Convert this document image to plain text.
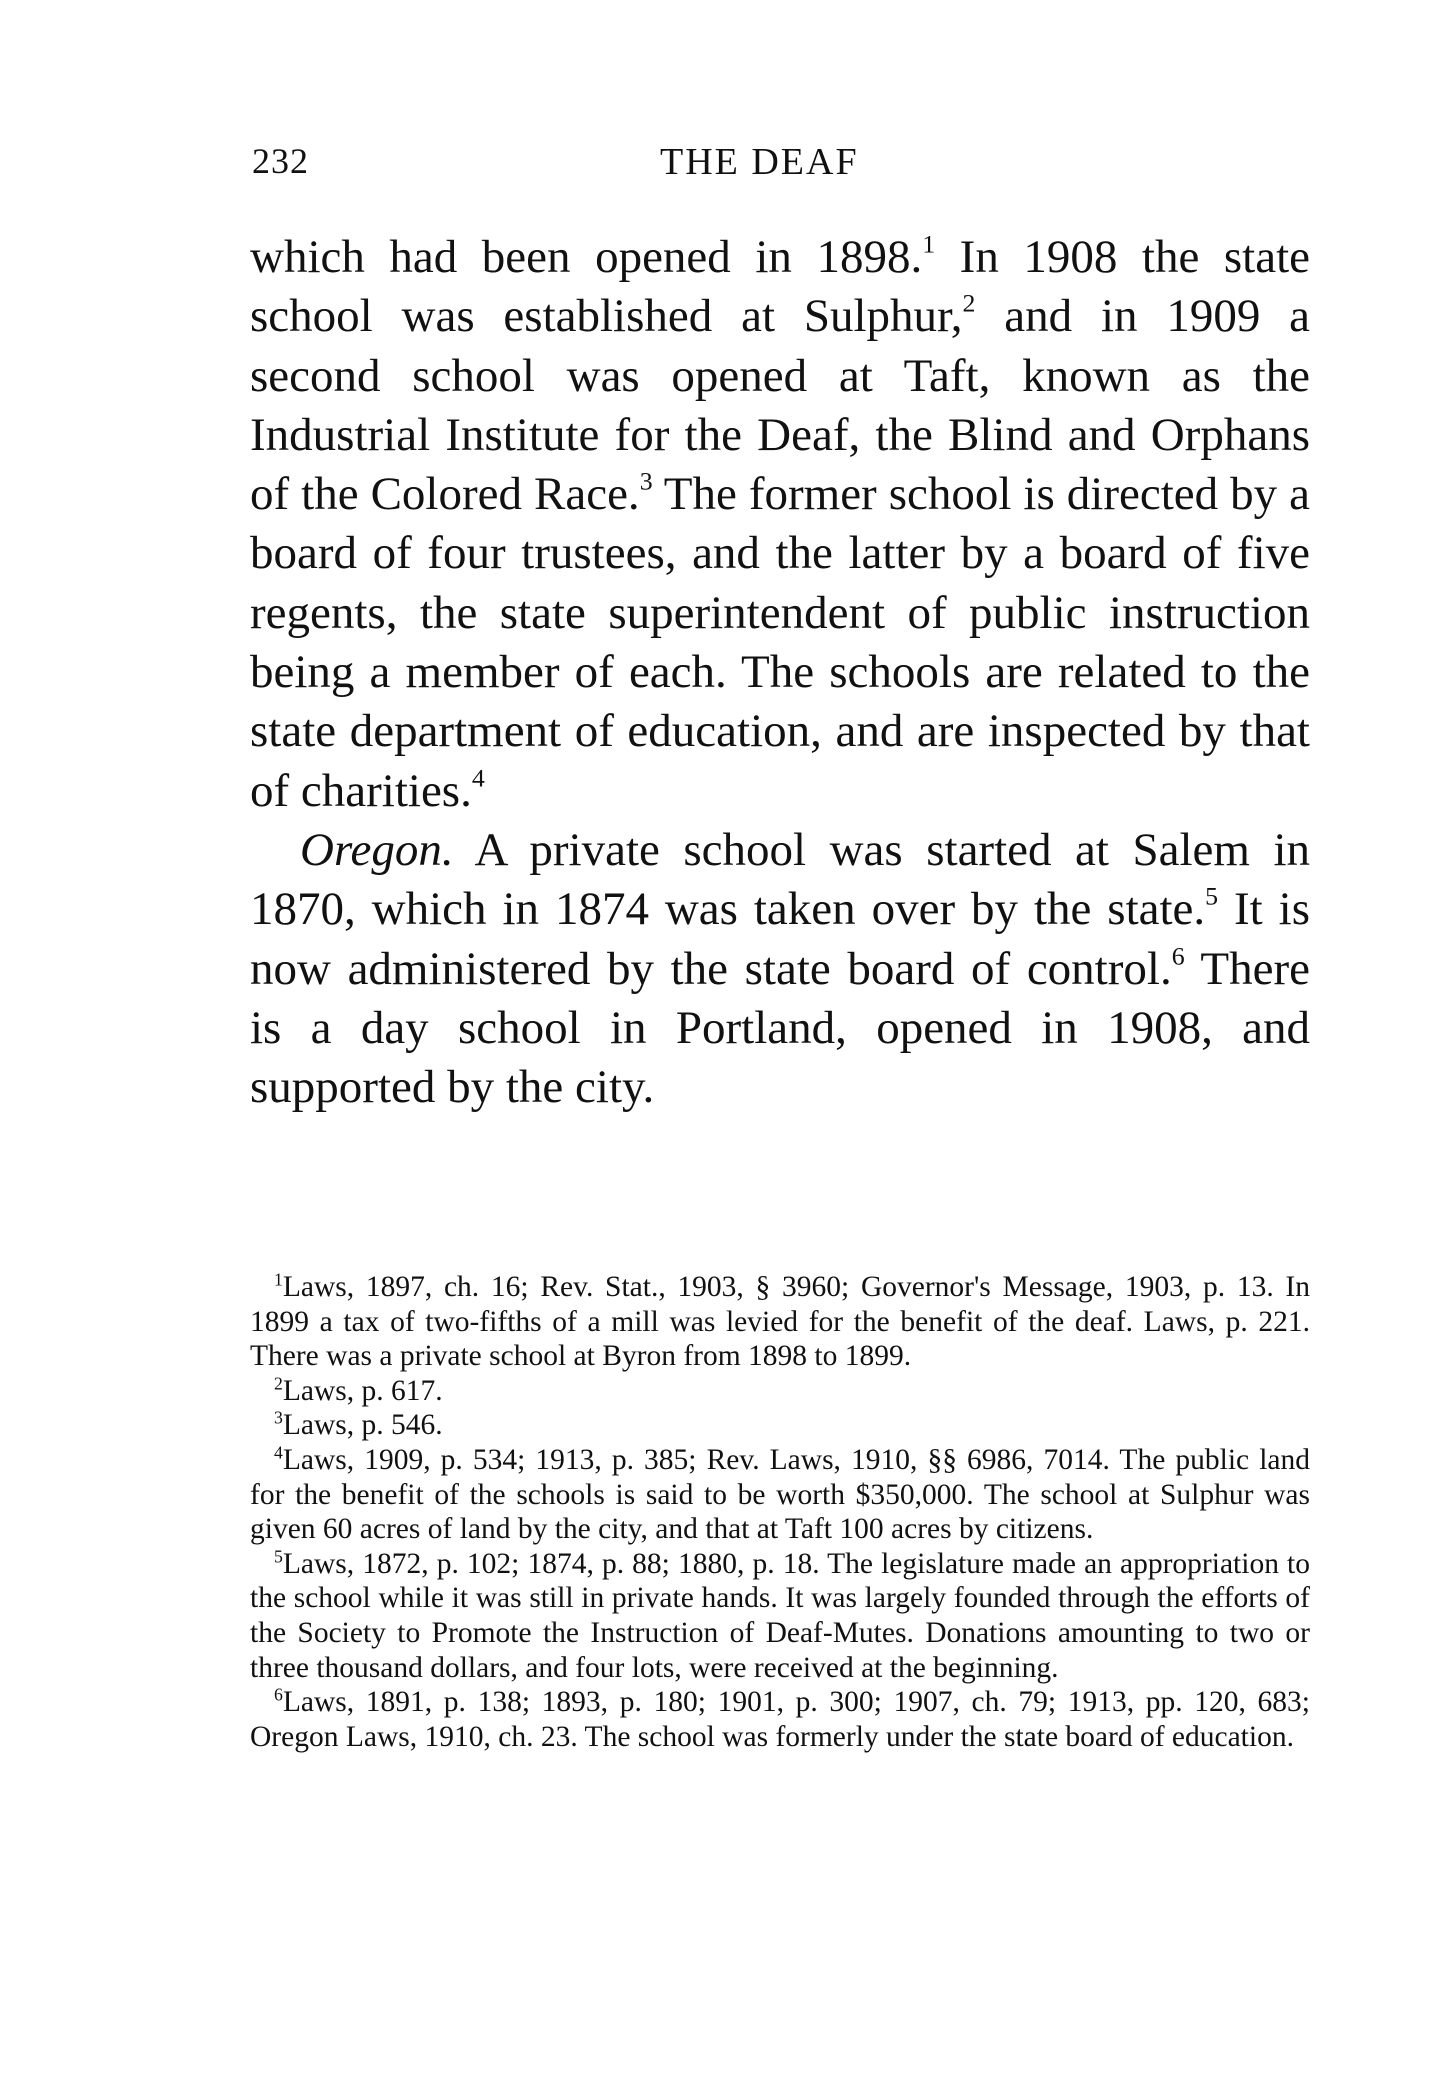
232	THE DEAF

which had been opened in 1898.$^1$ In 1908 the state school was established at Sulphur,$^2$ and in 1909 a second school was opened at Taft, known as the Industrial Institute for the Deaf, the Blind and Orphans of the Colored Race.$^3$ The former school is directed by a board of four trustees, and the latter by a board of five regents, the state superintendent of public instruction being a member of each. The schools are related to the state department of education, and are inspected by that of charities.$^4$

Oregon. A private school was started at Salem in 1870, which in 1874 was taken over by the state.$^5$ It is now administered by the state board of control.$^6$ There is a day school in Portland, opened in 1908, and supported by the city.

$^1$Laws, 1897, ch. 16; Rev. Stat., 1903, § 3960; Governor's Message, 1903, p. 13. In 1899 a tax of two-fifths of a mill was levied for the benefit of the deaf. Laws, p. 221. There was a private school at Byron from 1898 to 1899.

$^2$Laws, p. 617.

$^3$Laws, p. 546.

$^4$Laws, 1909, p. 534; 1913, p. 385; Rev. Laws, 1910, §§ 6986, 7014. The public land for the benefit of the schools is said to be worth $350,000. The school at Sulphur was given 60 acres of land by the city, and that at Taft 100 acres by citizens.

$^5$Laws, 1872, p. 102; 1874, p. 88; 1880, p. 18. The legislature made an appropriation to the school while it was still in private hands. It was largely founded through the efforts of the Society to Promote the Instruction of Deaf-Mutes. Donations amounting to two or three thousand dollars, and four lots, were received at the beginning.

$^6$Laws, 1891, p. 138; 1893, p. 180; 1901, p. 300; 1907, ch. 79; 1913, pp. 120, 683; Oregon Laws, 1910, ch. 23. The school was formerly under the state board of education.
